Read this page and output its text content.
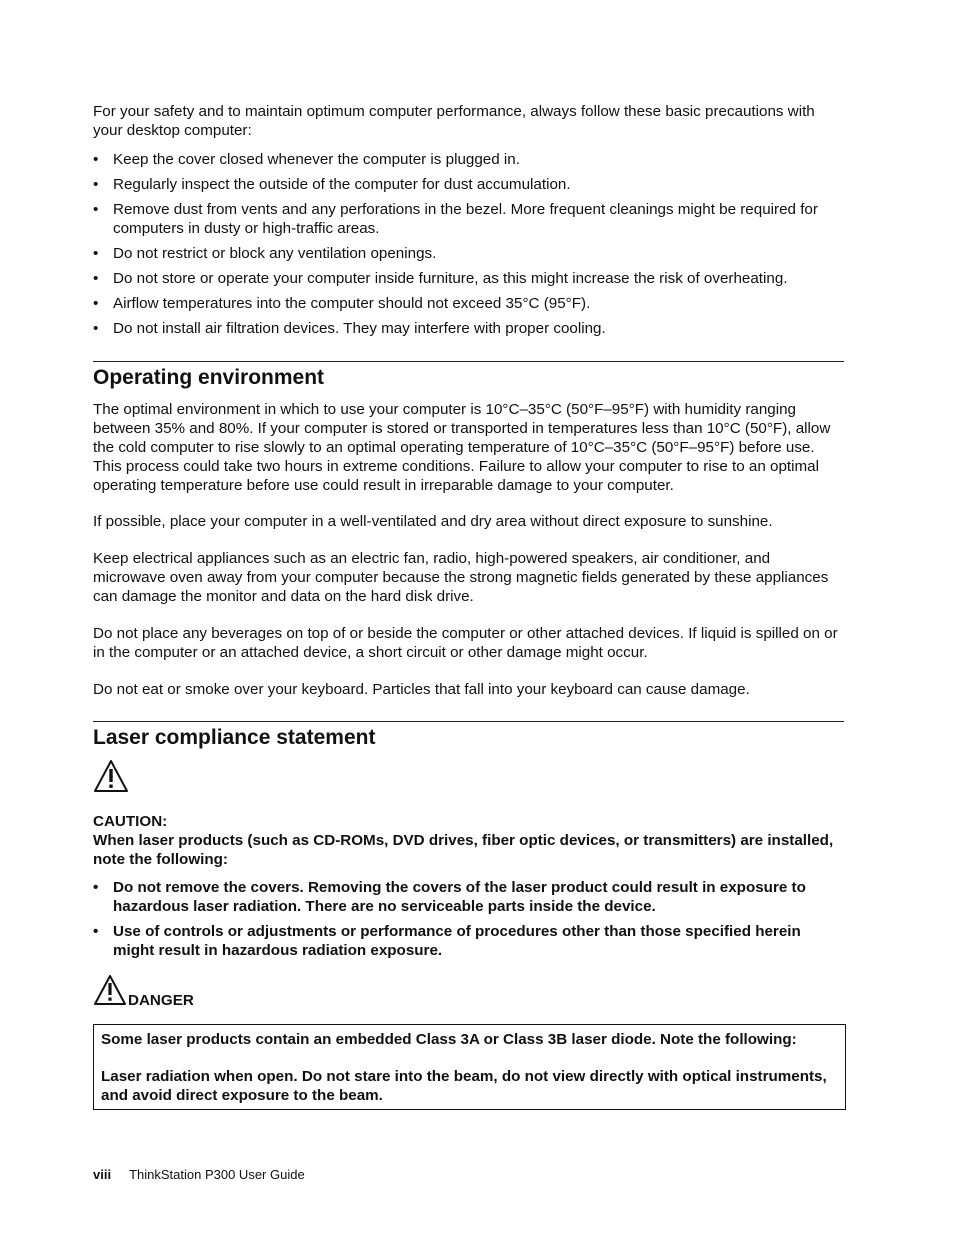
For your safety and to maintain optimum computer performance, always follow these basic precautions with your desktop computer:

• Keep the cover closed whenever the computer is plugged in.
• Regularly inspect the outside of the computer for dust accumulation.
• Remove dust from vents and any perforations in the bezel. More frequent cleanings might be required for computers in dusty or high-traffic areas.
• Do not restrict or block any ventilation openings.
• Do not store or operate your computer inside furniture, as this might increase the risk of overheating.
• Airflow temperatures into the computer should not exceed 35°C (95°F).
• Do not install air filtration devices. They may interfere with proper cooling.
Operating environment

The optimal environment in which to use your computer is 10°C–35°C (50°F–95°F) with humidity ranging between 35% and 80%. If your computer is stored or transported in temperatures less than 10°C (50°F), allow the cold computer to rise slowly to an optimal operating temperature of 10°C–35°C (50°F–95°F) before use. This process could take two hours in extreme conditions. Failure to allow your computer to rise to an optimal operating temperature before use could result in irreparable damage to your computer.

If possible, place your computer in a well-ventilated and dry area without direct exposure to sunshine.

Keep electrical appliances such as an electric fan, radio, high-powered speakers, air conditioner, and microwave oven away from your computer because the strong magnetic fields generated by these appliances can damage the monitor and data on the hard disk drive.

Do not place any beverages on top of or beside the computer or other attached devices. If liquid is spilled on or in the computer or an attached device, a short circuit or other damage might occur.

Do not eat or smoke over your keyboard. Particles that fall into your keyboard can cause damage.

Laser compliance statement

CAUTION:

When laser products (such as CD-ROMs, DVD drives, fiber optic devices, or transmitters) are installed, note the following:

• Do not remove the covers. Removing the covers of the laser product could result in exposure to hazardous laser radiation. There are no serviceable parts inside the device.
• Use of controls or adjustments or performance of procedures other than those specified herein might result in hazardous radiation exposure.

DANGER

Some laser products contain an embedded Class 3A or Class 3B laser diode. Note the following:

Laser radiation when open. Do not stare into the beam, do not view directly with optical instruments, and avoid direct exposure to the beam.

viii ThinkStation P300 User Guide
